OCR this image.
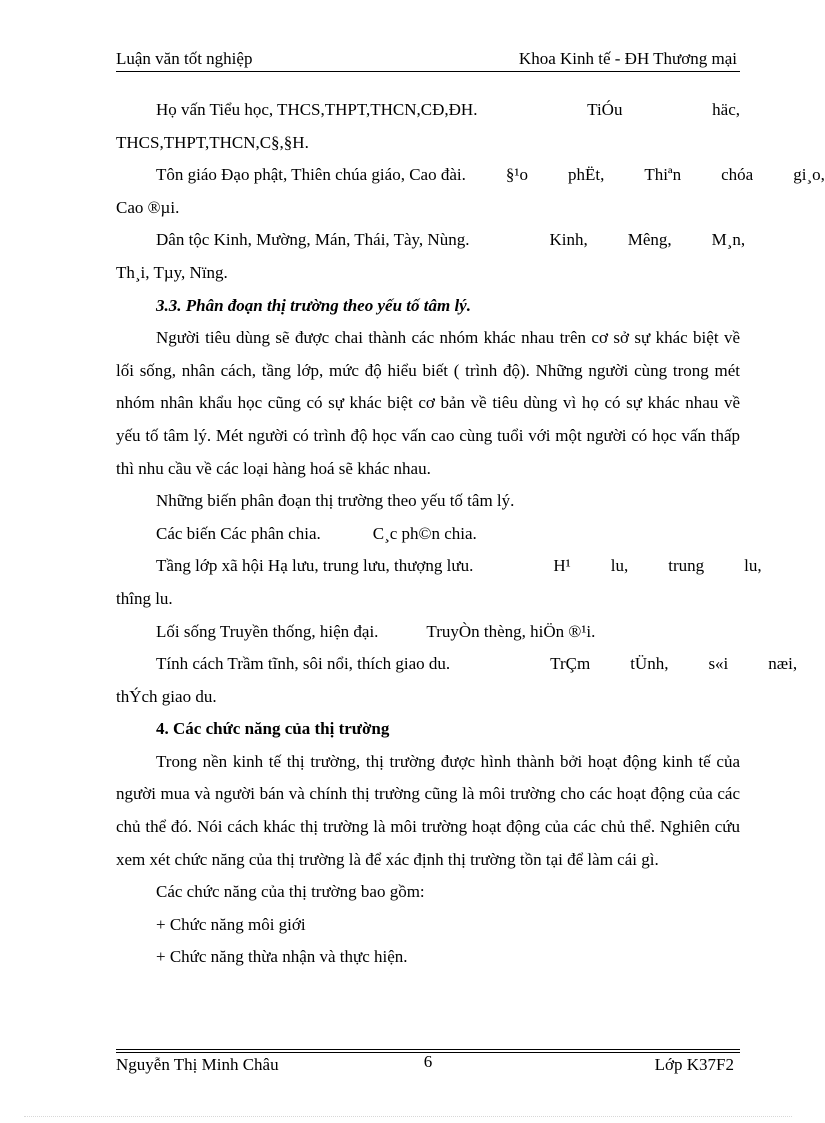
Luận văn tốt nghiệp	Khoa Kinh tế - ĐH Thương mại
Họ vấn Tiểu học, THCS,THPT,THCN,CĐ,ĐH.	TiÓu	häc,
THCS,THPT,THCN,C§,§H.
Tôn giáo Đạo phật, Thiên chúa giáo, Cao đài.	§¹o	phËt,	Thiªn	chóa	gi¸o,
Cao ®µi.
Dân tộc Kinh, Mường, Mán, Thái, Tày, Nùng.	Kinh,	Mêng,	M¸n,
Th¸i, Tµy, Nïng.
3.3. Phân đoạn thị trường theo yếu tố tâm lý.
Người tiêu dùng sẽ được chai thành các nhóm khác nhau trên cơ sở sự khác biệt về lối sống, nhân cách, tầng lớp, mức độ hiểu biết ( trình độ). Những người cùng trong mét nhóm nhân khẩu học cũng có sự khác biệt cơ bản về tiêu dùng vì họ có sự khác nhau về yếu tố tâm lý. Mét người có trình độ học vấn cao cùng tuổi với một người có học vấn thấp thì nhu cầu về các loại hàng hoá sẽ khác nhau.
Những biến phân đoạn thị trường theo yếu tố tâm lý.
Các biến Các phân chia.	C¸c ph©n chia.
Tầng lớp xã hội Hạ lưu, trung lưu, thượng lưu.	H¹	lu,	trung	lu,
thîng lu.
Lối sống Truyền thống, hiện đại.	TruyÒn thèng, hiÖn ®¹i.
Tính cách Trầm tĩnh, sôi nổi, thích giao du.	TrÇm	tÜnh,	s«i	næi,
thÝch giao du.
4. Các chức năng của thị trường
Trong nền kinh tế thị trường, thị trường được hình thành bởi hoạt động kinh tế của người mua và người bán và chính thị trường cũng là môi trường cho các hoạt động của các chủ thể đó. Nói cách khác thị trường là môi trường hoạt động của các chủ thể. Nghiên cứu xem xét chức năng của thị trường là để xác định thị trường tồn tại để làm cái gì.
Các chức năng của thị trường bao gồm:
+ Chức năng môi giới
+ Chức năng thừa nhận và thực hiện.
Nguyễn Thị Minh Châu	6	Lớp K37F2
